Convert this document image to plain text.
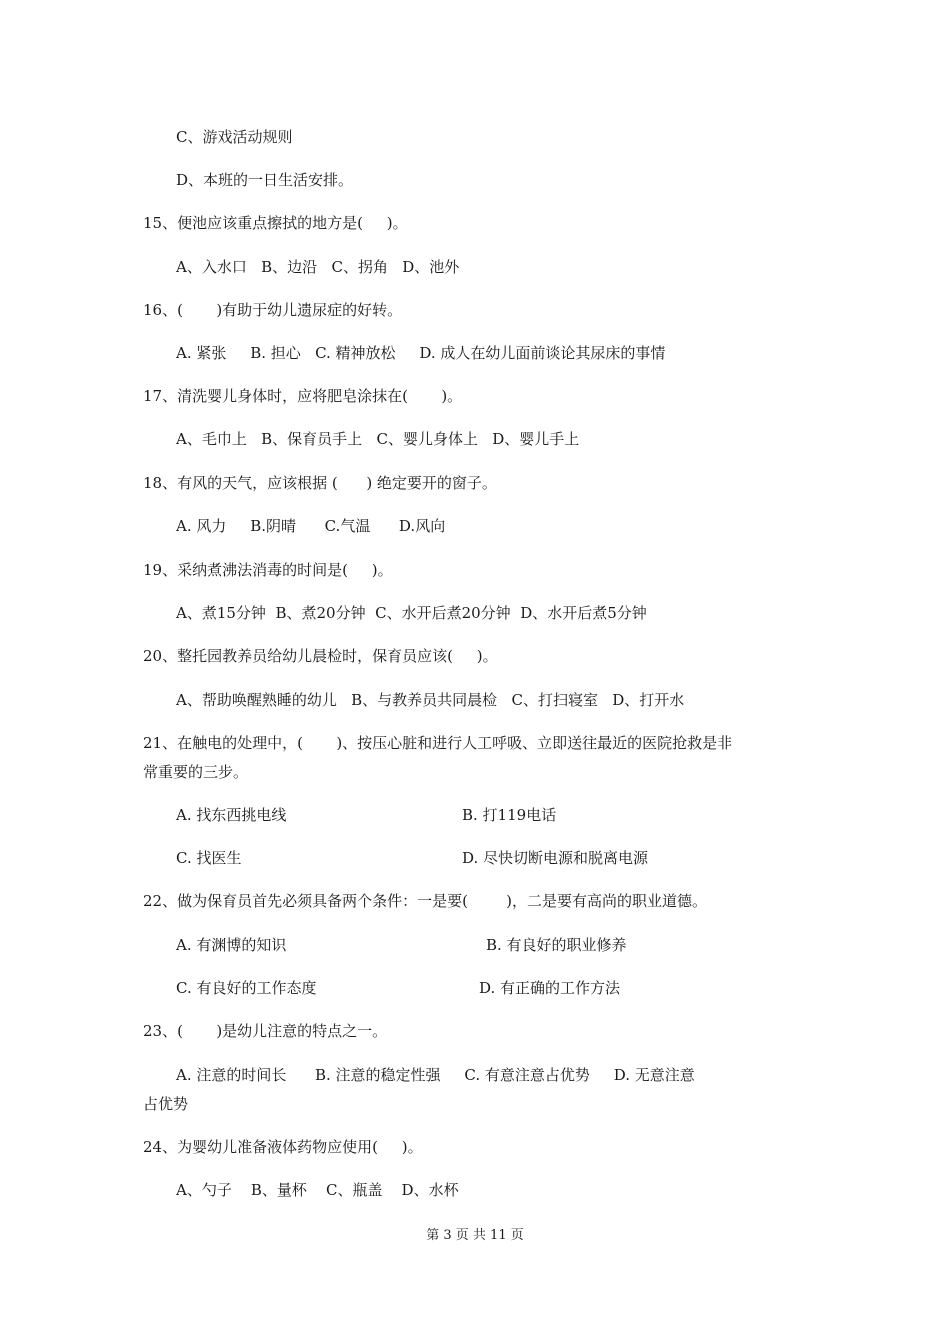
C、游戏活动规则
D、本班的一日生活安排。
15、便池应该重点擦拭的地方是(     )。
A、入水口   B、边沿   C、拐角   D、池外
16、(       )有助于幼儿遗尿症的好转。
A. 紧张     B. 担心   C. 精神放松     D. 成人在幼儿面前谈论其尿床的事情
17、清洗婴儿身体时，应将肥皂涂抹在(       )。
A、毛巾上   B、保育员手上   C、婴儿身体上   D、婴儿手上
18、有风的天气，应该根据 (      ) 绝定要开的窗子。
A. 风力     B.阴晴      C.气温      D.风向
19、采纳煮沸法消毒的时间是(     )。
A、煮15分钟  B、煮20分钟  C、水开后煮20分钟  D、水开后煮5分钟
20、整托园教养员给幼儿晨检时，保育员应该(     )。
A、帮助唤醒熟睡的幼儿   B、与教养员共同晨检   C、打扫寝室   D、打开水
21、在触电的处理中，(       )、按压心脏和进行人工呼吸、立即送往最近的医院抢救是非
常重要的三步。
A. 找东西挑电线	B. 打119电话
C. 找医生	D. 尽快切断电源和脱离电源
22、做为保育员首先必须具备两个条件：一是要(        )，二是要有高尚的职业道德。
A. 有渊博的知识	B. 有良好的职业修养
C. 有良好的工作态度	D. 有正确的工作方法
23、(       )是幼儿注意的特点之一。
A. 注意的时间长      B. 注意的稳定性强     C. 有意注意占优势     D. 无意注意
占优势
24、为婴幼儿准备液体药物应使用(     )。
A、勺子    B、量杯    C、瓶盖    D、水杯
第 3 页 共 11 页
